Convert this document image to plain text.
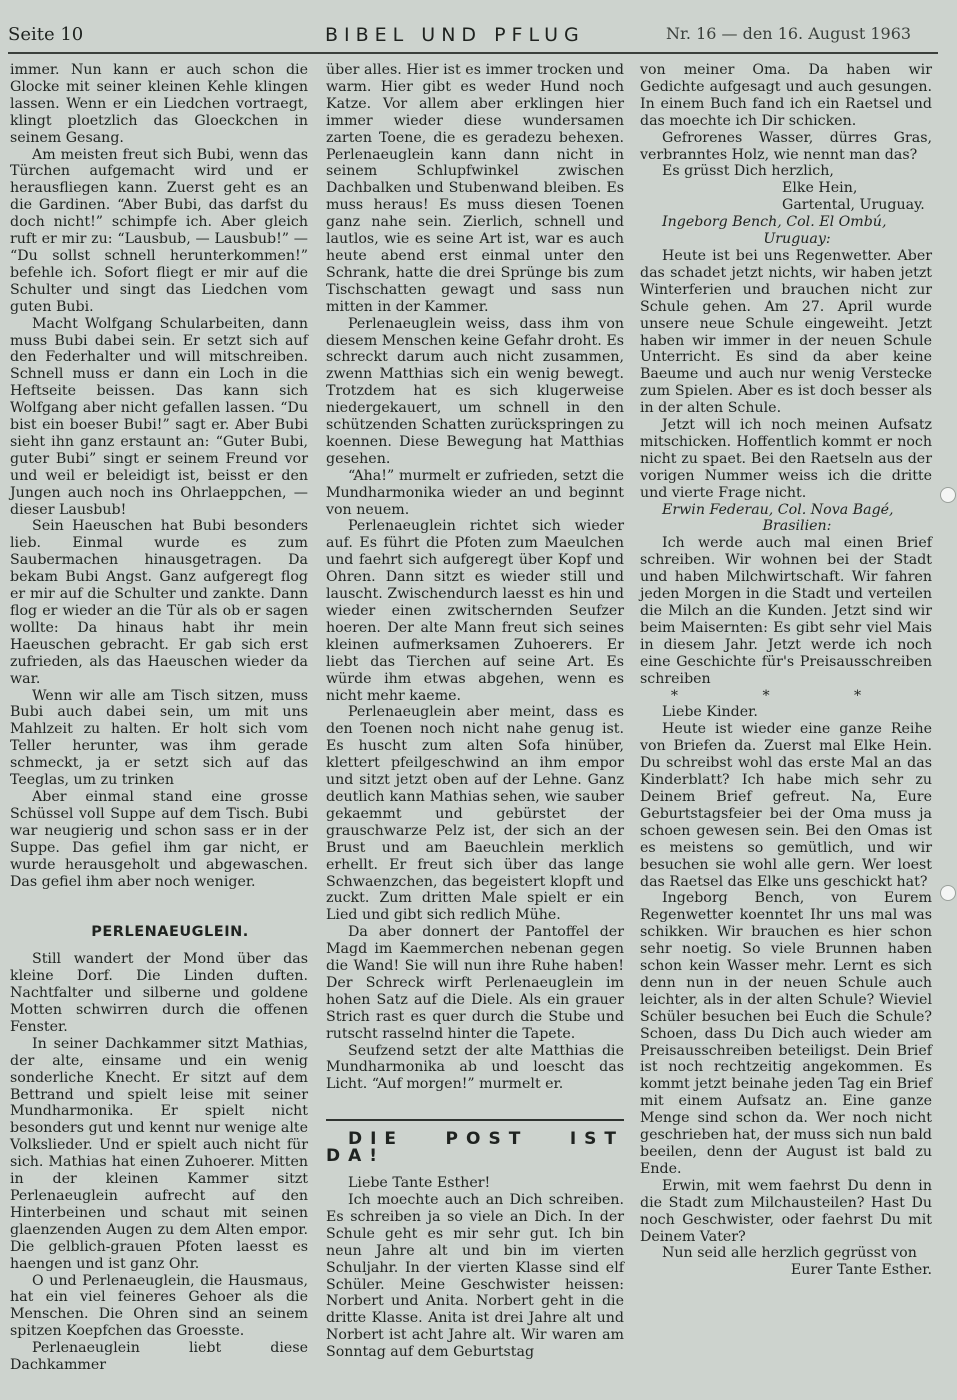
Seite 10	BIBEL UND PFLUG	Nr. 16 — den 16. August 1963

immer. Nun kann er auch schon die Glocke mit seiner kleinen Kehle klingen lassen. Wenn er ein Liedchen vortraegt, klingt ploetzlich das Gloeckchen in seinem Gesang.

Am meisten freut sich Bubi, wenn das Türchen aufgemacht wird und er herausfliegen kann. Zuerst geht es an die Gardinen. “Aber Bubi, das darfst du doch nicht!” schimpfe ich. Aber gleich ruft er mir zu: “Lausbub, — Lausbub!” — “Du sollst schnell herunterkommen!” befehle ich. Sofort fliegt er mir auf die Schulter und singt das Liedchen vom guten Bubi.

Macht Wolfgang Schularbeiten, dann muss Bubi dabei sein. Er setzt sich auf den Federhalter und will mitschreiben. Schnell muss er dann ein Loch in die Heftseite beissen. Das kann sich Wolfgang aber nicht gefallen lassen. “Du bist ein boeser Bubi!” sagt er. Aber Bubi sieht ihn ganz erstaunt an: “Guter Bubi, guter Bubi” singt er seinem Freund vor und weil er beleidigt ist, beisst er den Jungen auch noch ins Ohrlaeppchen, — dieser Lausbub!

Sein Haeuschen hat Bubi besonders lieb. Einmal wurde es zum Saubermachen hinausgetragen. Da bekam Bubi Angst. Ganz aufgeregt flog er mir auf die Schulter und zankte. Dann flog er wieder an die Tür als ob er sagen wollte: Da hinaus habt ihr mein Haeuschen gebracht. Er gab sich erst zufrieden, als das Haeuschen wieder da war.

Wenn wir alle am Tisch sitzen, muss Bubi auch dabei sein, um mit uns Mahlzeit zu halten. Er holt sich vom Teller herunter, was ihm gerade schmeckt, ja er setzt sich auf das Teeglas, um zu trinken

Aber einmal stand eine grosse Schüssel voll Suppe auf dem Tisch. Bubi war neugierig und schon sass er in der Suppe. Das gefiel ihm gar nicht, er wurde herausgeholt und abgewaschen. Das gefiel ihm aber noch weniger.

PERLENAEUGLEIN.

Still wandert der Mond über das kleine Dorf. Die Linden duften. Nachtfalter und silberne und goldene Motten schwirren durch die offenen Fenster.

In seiner Dachkammer sitzt Mathias, der alte, einsame und ein wenig sonderliche Knecht. Er sitzt auf dem Bettrand und spielt leise mit seiner Mundharmonika. Er spielt nicht besonders gut und kennt nur wenige alte Volkslieder. Und er spielt auch nicht für sich. Mathias hat einen Zuhoerer. Mitten in der kleinen Kammer sitzt Perlenaeuglein aufrecht auf den Hinterbeinen und schaut mit seinen glaenzenden Augen zu dem Alten empor. Die gelblich-grauen Pfoten laesst es haengen und ist ganz Ohr.

O und Perlenaeuglein, die Hausmaus, hat ein viel feineres Gehoer als die Menschen. Die Ohren sind an seinem spitzen Koepfchen das Groesste.

Perlenaeuglein liebt diese Dachkammer

über alles. Hier ist es immer trocken und warm. Hier gibt es weder Hund noch Katze. Vor allem aber erklingen hier immer wieder diese wundersamen zarten Toene, die es geradezu behexen. Perlenaeuglein kann dann nicht in seinem Schlupfwinkel zwischen Dachbalken und Stubenwand bleiben. Es muss heraus! Es muss diesen Toenen ganz nahe sein. Zierlich, schnell und lautlos, wie es seine Art ist, war es auch heute abend erst einmal unter den Schrank, hatte die drei Sprünge bis zum Tischschatten gewagt und sass nun mitten in der Kammer.

Perlenaeuglein weiss, dass ihm von diesem Menschen keine Gefahr droht. Es schreckt darum auch nicht zusammen, zwenn Matthias sich ein wenig bewegt. Trotzdem hat es sich klugerweise niedergekauert, um schnell in den schützenden Schatten zurückspringen zu koennen. Diese Bewegung hat Matthias gesehen.

“Aha!” murmelt er zufrieden, setzt die Mundharmonika wieder an und beginnt von neuem.

Perlenaeuglein richtet sich wieder auf. Es führt die Pfoten zum Maeulchen und faehrt sich aufgeregt über Kopf und Ohren. Dann sitzt es wieder still und lauscht. Zwischendurch laesst es hin und wieder einen zwitschernden Seufzer hoeren. Der alte Mann freut sich seines kleinen aufmerksamen Zuhoerers. Er liebt das Tierchen auf seine Art. Es würde ihm etwas abgehen, wenn es nicht mehr kaeme.

Perlenaeuglein aber meint, dass es den Toenen noch nicht nahe genug ist. Es huscht zum alten Sofa hinüber, klettert pfeilgeschwind an ihm empor und sitzt jetzt oben auf der Lehne. Ganz deutlich kann Mathias sehen, wie sauber gekaemmt und gebürstet der grauschwarze Pelz ist, der sich an der Brust und am Baeuchlein merklich erhellt. Er freut sich über das lange Schwaenzchen, das begeistert klopft und zuckt. Zum dritten Male spielt er ein Lied und gibt sich redlich Mühe.

Da aber donnert der Pantoffel der Magd im Kaemmerchen nebenan gegen die Wand! Sie will nun ihre Ruhe haben! Der Schreck wirft Perlenaeuglein im hohen Satz auf die Diele. Als ein grauer Strich rast es quer durch die Stube und rutscht rasselnd hinter die Tapete.

Seufzend setzt der alte Matthias die Mundharmonika ab und loescht das Licht. “Auf morgen!” murmelt er.

DIE POST IST DA!

Liebe Tante Esther!

Ich moechte auch an Dich schreiben. Es schreiben ja so viele an Dich. In der Schule geht es mir sehr gut. Ich bin neun Jahre alt und bin im vierten Schuljahr. In der vierten Klasse sind elf Schüler. Meine Geschwister heissen: Norbert und Anita. Norbert geht in die dritte Klasse. Anita ist drei Jahre alt und Norbert ist acht Jahre alt. Wir waren am Sonntag auf dem Geburtstag

von meiner Oma. Da haben wir Gedichte aufgesagt und auch gesungen. In einem Buch fand ich ein Raetsel und das moechte ich Dir schicken.

Gefrorenes Wasser, dürres Gras, verbranntes Holz, wie nennt man das?

Es grüsst Dich herzlich,

Elke Hein,

Gartental, Uruguay.

Ingeborg Bench, Col. El Ombú,

Uruguay:

Heute ist bei uns Regenwetter. Aber das schadet jetzt nichts, wir haben jetzt Winterferien und brauchen nicht zur Schule gehen. Am 27. April wurde unsere neue Schule eingeweiht. Jetzt haben wir immer in der neuen Schule Unterricht. Es sind da aber keine Baeume und auch nur wenig Verstecke zum Spielen. Aber es ist doch besser als in der alten Schule.

Jetzt will ich noch meinen Aufsatz mitschicken. Hoffentlich kommt er noch nicht zu spaet. Bei den Raetseln aus der vorigen Nummer weiss ich die dritte und vierte Frage nicht.

Erwin Federau, Col. Nova Bagé,

Brasilien:

Ich werde auch mal einen Brief schreiben. Wir wohnen bei der Stadt und haben Milchwirtschaft. Wir fahren jeden Morgen in die Stadt und verteilen die Milch an die Kunden. Jetzt sind wir beim Maisernten: Es gibt sehr viel Mais in diesem Jahr. Jetzt werde ich noch eine Geschichte für's Preisausschreiben schreiben

* * *

Liebe Kinder.

Heute ist wieder eine ganze Reihe von Briefen da. Zuerst mal Elke Hein. Du schreibst wohl das erste Mal an das Kinderblatt? Ich habe mich sehr zu Deinem Brief gefreut. Na, Eure Geburtstagsfeier bei der Oma muss ja schoen gewesen sein. Bei den Omas ist es meistens so gemütlich, und wir besuchen sie wohl alle gern. Wer loest das Raetsel das Elke uns geschickt hat?

Ingeborg Bench, von Eurem Regenwetter koenntet Ihr uns mal was schikken. Wir brauchen es hier schon sehr noetig. So viele Brunnen haben schon kein Wasser mehr. Lernt es sich denn nun in der neuen Schule auch leichter, als in der alten Schule? Wieviel Schüler besuchen bei Euch die Schule? Schoen, dass Du Dich auch wieder am Preisausschreiben beteiligst. Dein Brief ist noch rechtzeitig angekommen. Es kommt jetzt beinahe jeden Tag ein Brief mit einem Aufsatz an. Eine ganze Menge sind schon da. Wer noch nicht geschrieben hat, der muss sich nun bald beeilen, denn der August ist bald zu Ende.

Erwin, mit wem faehrst Du denn in die Stadt zum Milchausteilen? Hast Du noch Geschwister, oder faehrst Du mit Deinem Vater?

Nun seid alle herzlich gegrüsst von

Eurer Tante Esther.
